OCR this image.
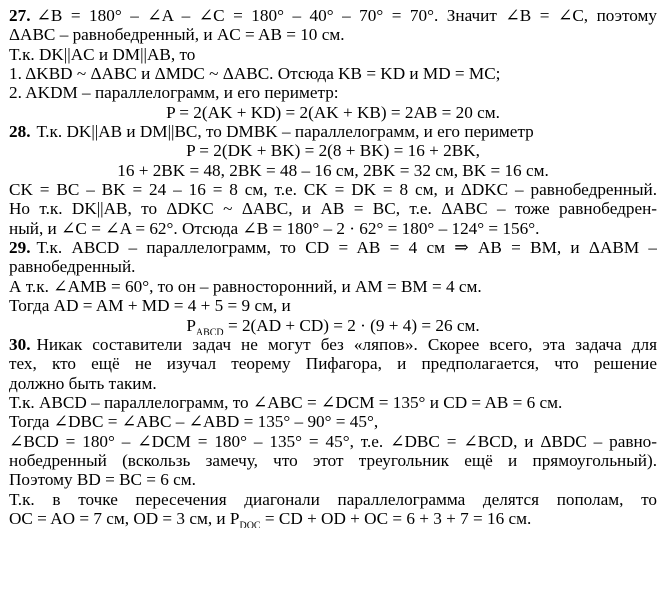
27. ∠B = 180° – ∠A – ∠C = 180° – 40° – 70° = 70°. Значит ∠B = ∠C, поэтому
ΔABC – равнобедренный, и AC = AB = 10 см.
Т.к. DK||AC и DM||AB, то
1. ΔKBD ~ ΔABC и ΔMDC ~ ΔABC. Отсюда KB = KD и MD = MC;
2. AKDM – параллелограмм, и его периметр:
P = 2(AK + KD) = 2(AK + KB) = 2AB = 20 см.
28. Т.к. DK||AB и DM||BC, то DMBK – параллелограмм, и его периметр
P = 2(DK + BK) = 2(8 + BK) = 16 + 2BK,
16 + 2BK = 48, 2BK = 48 – 16 см, 2BK = 32 см, BK = 16 см.
CK = BC – BK = 24 – 16 = 8 см, т.е. CK = DK = 8 см, и ΔDKC – равнобедренный.
Но т.к. DK||AB, то ΔDKC ~ ΔABC, и AB = BC, т.е. ΔABC – тоже равнобедрен-
ный, и ∠C = ∠A = 62°. Отсюда ∠B = 180° – 2 · 62° = 180° – 124° = 156°.
29. Т.к. ABCD – параллелограмм, то CD = AB = 4 см ⇒ AB = BM, и ΔABM –
равнобедренный.
А т.к. ∠AMB = 60°, то он – равносторонний, и AM = BM = 4 см.
Тогда AD = AM + MD = 4 + 5 = 9 см, и
$P_{ABCD} = 2(AD + CD) = 2 \cdot (9 + 4) = 26$ см.
30. Никак составители задач не могут без «ляпов». Скорее всего, эта задача для
тех, кто ещё не изучал теорему Пифагора, и предполагается, что решение
должно быть таким.
Т.к. ABCD – параллелограмм, то ∠ABC = ∠DCM = 135° и CD = AB = 6 см.
Тогда ∠DBC = ∠ABC – ∠ABD = 135° – 90° = 45°,
∠BCD = 180° – ∠DCM = 180° – 135° = 45°, т.е. ∠DBC = ∠BCD, и ΔBDC – равно-
нобедренный (вскользь замечу, что этот треугольник ещё и прямоугольный).
Поэтому BD = BC = 6 см.
Т.к. в точке пересечения диагонали параллелограмма делятся пополам, то
OC = AO = 7 см, OD = 3 см, и $P_{DOC}$ = CD + OD + OC = 6 + 3 + 7 = 16 см.
